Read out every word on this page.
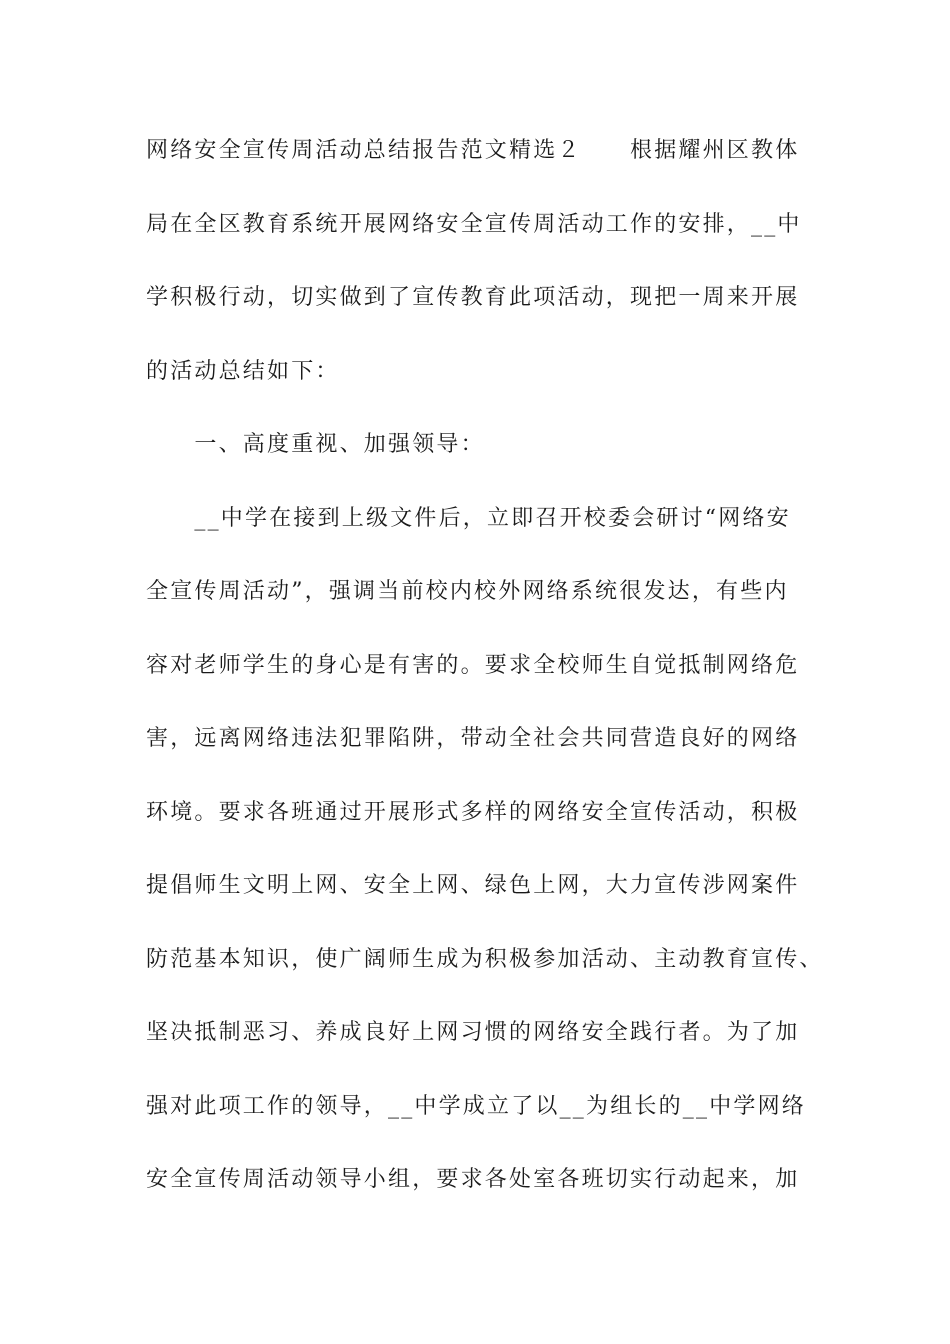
网络安全宣传周活动总结报告范文精选２　　根据耀州区教体
局在全区教育系统开展网络安全宣传周活动工作的安排，__中
学积极行动，切实做到了宣传教育此项活动，现把一周来开展
的活动总结如下：
　　一、高度重视、加强领导：
　　__中学在接到上级文件后，立即召开校委会研讨“网络安
全宣传周活动”，强调当前校内校外网络系统很发达，有些内
容对老师学生的身心是有害的。要求全校师生自觉抵制网络危
害，远离网络违法犯罪陷阱，带动全社会共同营造良好的网络
环境。要求各班通过开展形式多样的网络安全宣传活动，积极
提倡师生文明上网、安全上网、绿色上网，大力宣传涉网案件
防范基本知识，使广阔师生成为积极参加活动、主动教育宣传、
坚决抵制恶习、养成良好上网习惯的网络安全践行者。为了加
强对此项工作的领导，__中学成立了以__为组长的__中学网络
安全宣传周活动领导小组，要求各处室各班切实行动起来，加
